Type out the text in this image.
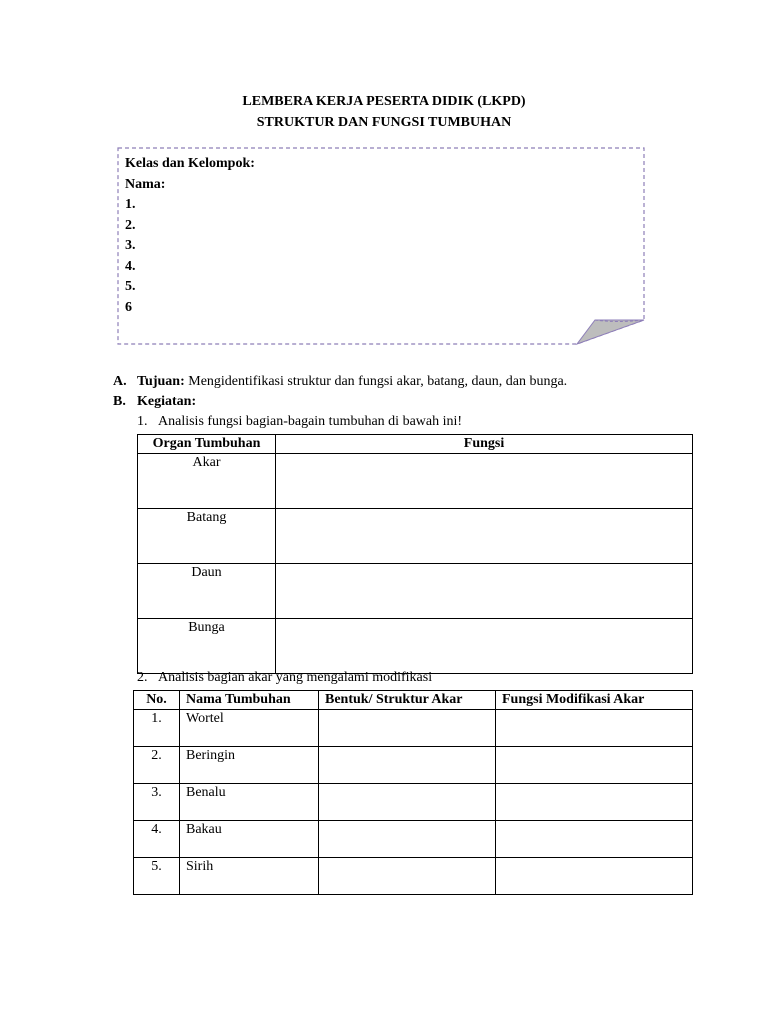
LEMBERA KERJA PESERTA DIDIK (LKPD)
STRUKTUR DAN FUNGSI TUMBUHAN
Kelas dan Kelompok:
Nama:
1.
2.
3.
4.
5.
6
A. Tujuan: Mengidentifikasi struktur dan fungsi akar, batang, daun, dan bunga.
B. Kegiatan:
1. Analisis fungsi bagian-bagain tumbuhan di bawah ini!
Organ Tumbuhan	Fungsi
Akar	
Batang	
Daun	
Bunga	
2. Analisis bagian akar yang mengalami modifikasi
No.	Nama Tumbuhan	Bentuk/ Struktur Akar	Fungsi Modifikasi Akar
1.	Wortel		
2.	Beringin		
3.	Benalu		
4.	Bakau		
5.	Sirih		
